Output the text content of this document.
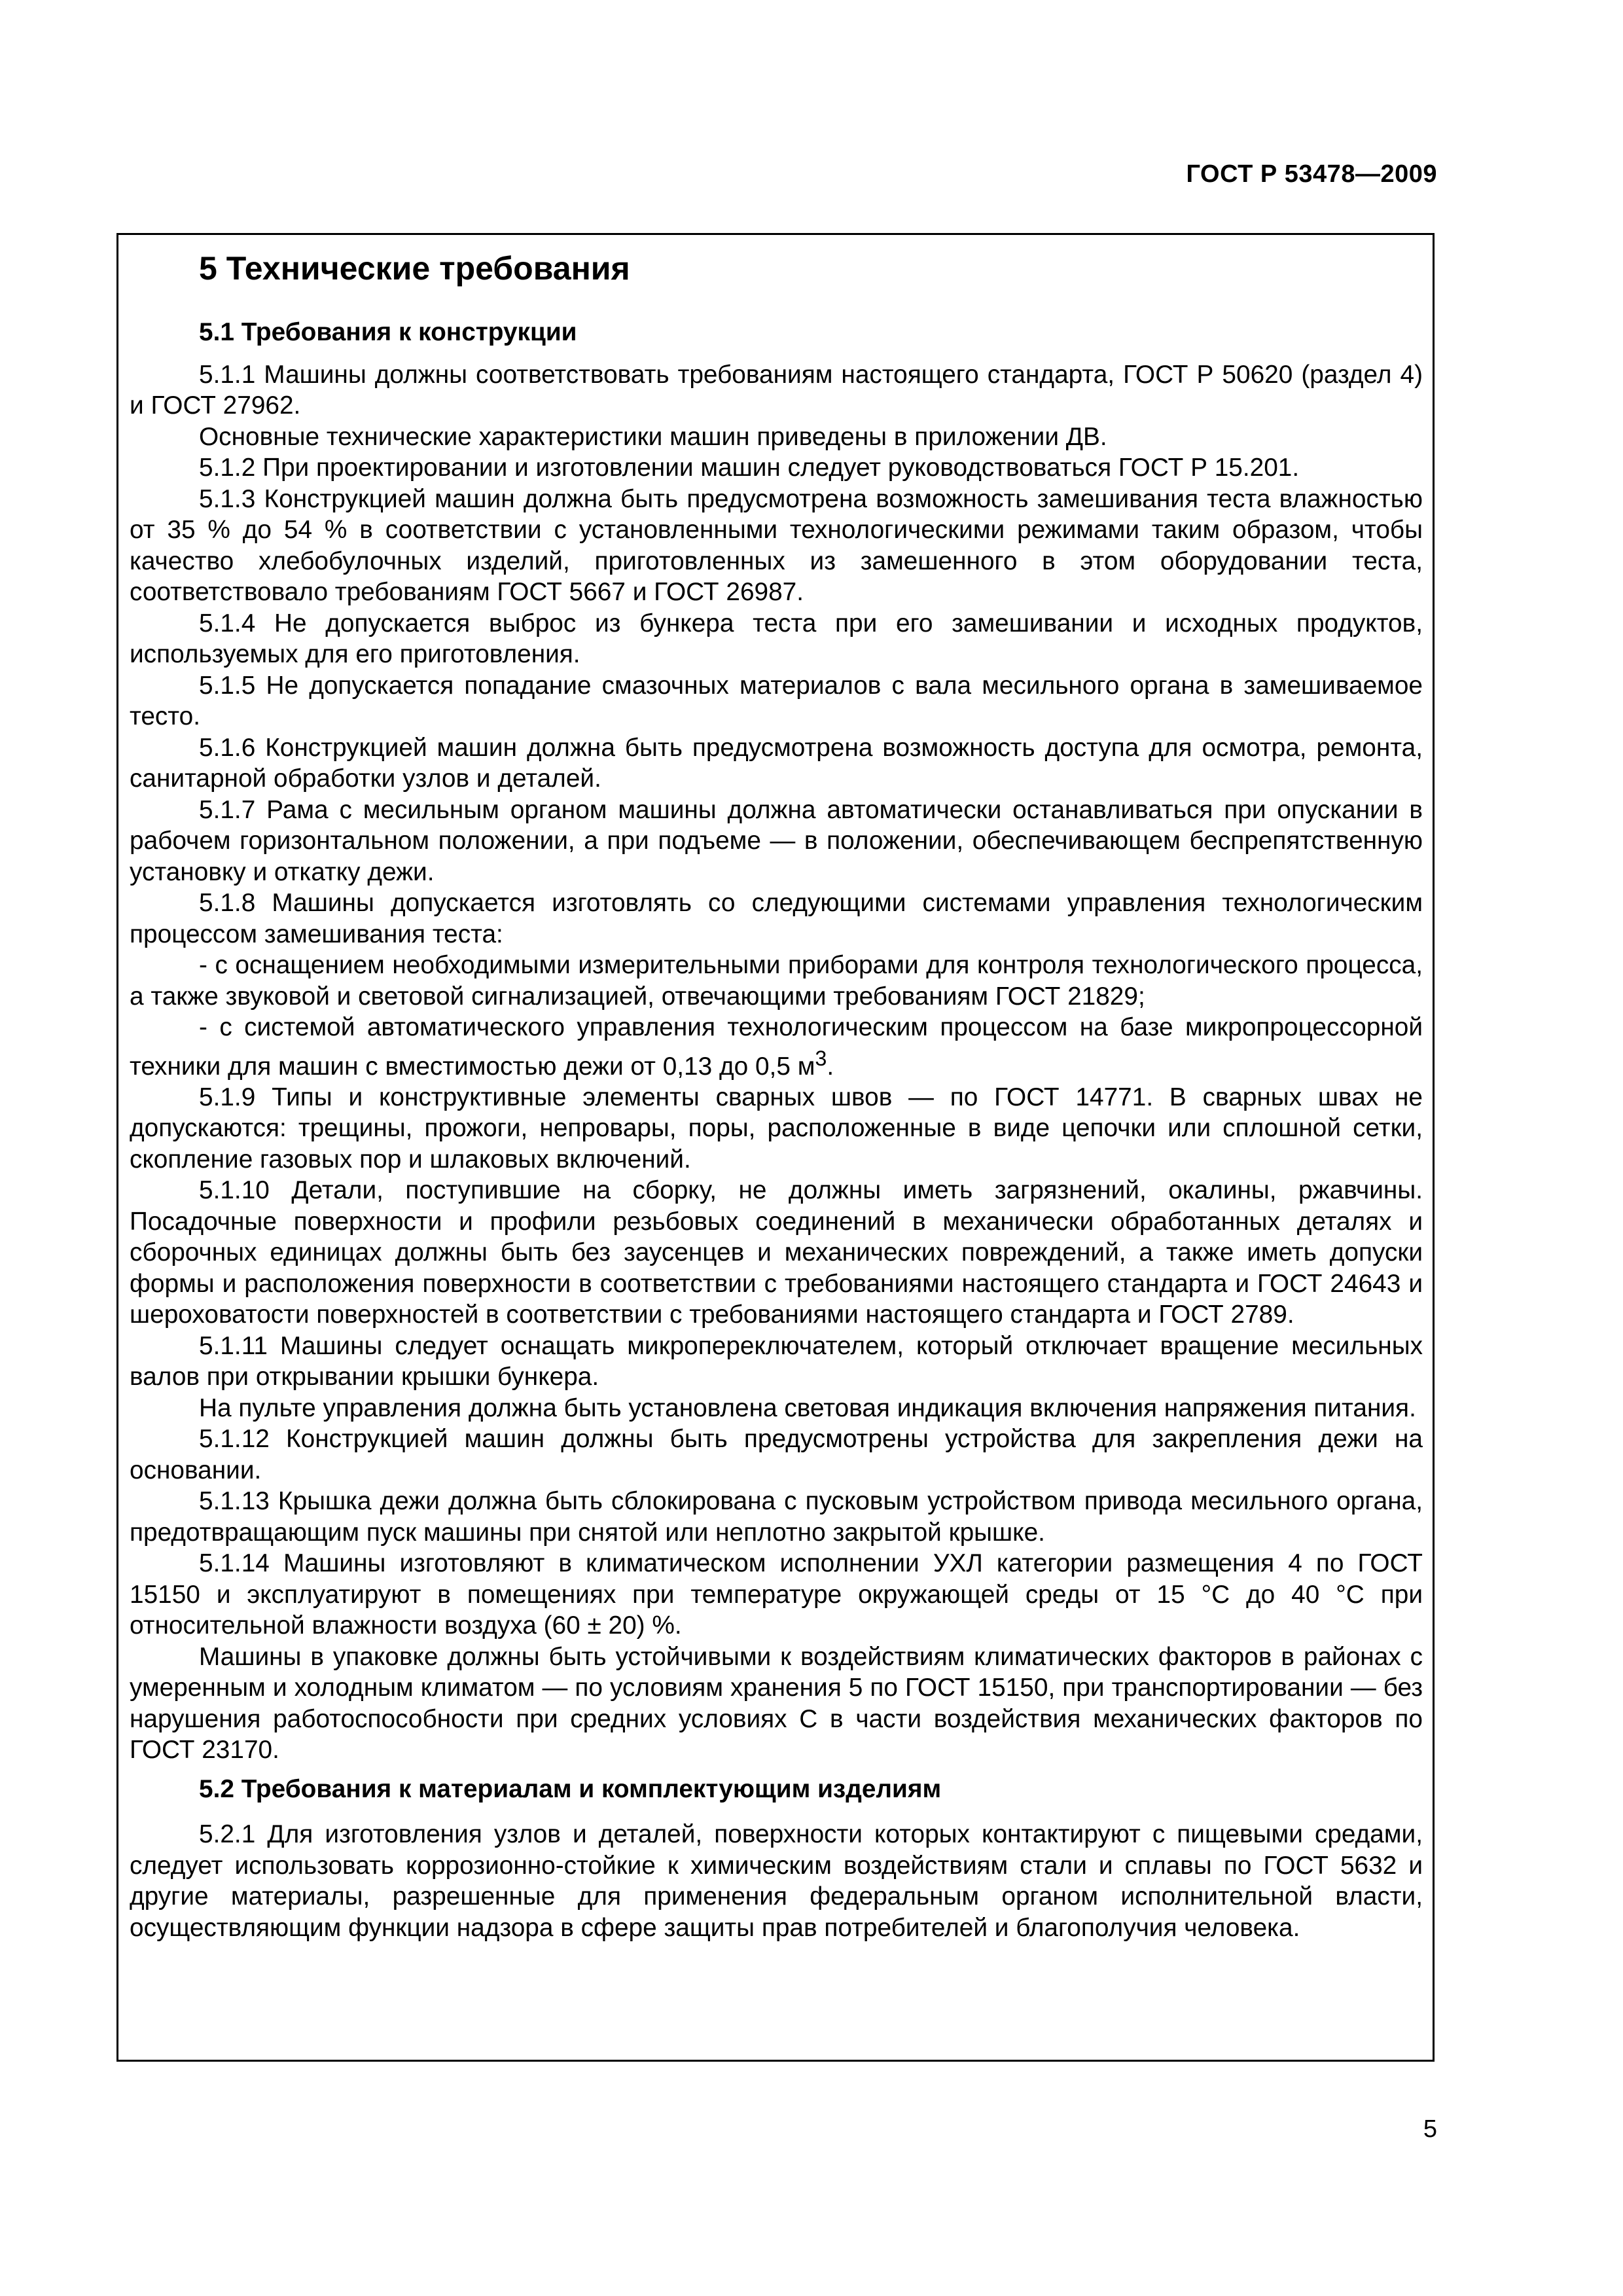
ГОСТ Р 53478—2009
5 Технические требования
5.1 Требования к конструкции

5.1.1 Машины должны соответствовать требованиям настоящего стандарта, ГОСТ Р 50620 (раздел 4) и ГОСТ 27962.

Основные технические характеристики машин приведены в приложении ДВ.

5.1.2 При проектировании и изготовлении машин следует руководствоваться ГОСТ Р 15.201.

5.1.3 Конструкцией машин должна быть предусмотрена возможность замешивания теста влажностью от 35 % до 54 % в соответствии с установленными технологическими режимами таким образом, чтобы качество хлебобулочных изделий, приготовленных из замешенного в этом оборудовании теста, соответствовало требованиям ГОСТ 5667 и ГОСТ 26987.

5.1.4 Не допускается выброс из бункера теста при его замешивании и исходных продуктов, используемых для его приготовления.

5.1.5 Не допускается попадание смазочных материалов с вала месильного органа в замешиваемое тесто.

5.1.6 Конструкцией машин должна быть предусмотрена возможность доступа для осмотра, ремонта, санитарной обработки узлов и деталей.

5.1.7 Рама с месильным органом машины должна автоматически останавливаться при опускании в рабочем горизонтальном положении, а при подъеме — в положении, обеспечивающем беспрепятственную установку и откатку дежи.

5.1.8 Машины допускается изготовлять со следующими системами управления технологическим процессом замешивания теста:

- с оснащением необходимыми измерительными приборами для контроля технологического процесса, а также звуковой и световой сигнализацией, отвечающими требованиям ГОСТ 21829;

- с системой автоматического управления технологическим процессом на базе микропроцессорной техники для машин с вместимостью дежи от 0,13 до 0,5 $м^3$.

5.1.9 Типы и конструктивные элементы сварных швов — по ГОСТ 14771. В сварных швах не допускаются: трещины, прожоги, непровары, поры, расположенные в виде цепочки или сплошной сетки, скопление газовых пор и шлаковых включений.

5.1.10 Детали, поступившие на сборку, не должны иметь загрязнений, окалины, ржавчины. Посадочные поверхности и профили резьбовых соединений в механически обработанных деталях и сборочных единицах должны быть без заусенцев и механических повреждений, а также иметь допуски формы и расположения поверхности в соответствии с требованиями настоящего стандарта и ГОСТ 24643 и шероховатости поверхностей в соответствии с требованиями настоящего стандарта и ГОСТ 2789.

5.1.11 Машины следует оснащать микропереключателем, который отключает вращение месильных валов при открывании крышки бункера.

На пульте управления должна быть установлена световая индикация включения напряжения питания.

5.1.12 Конструкцией машин должны быть предусмотрены устройства для закрепления дежи на основании.

5.1.13 Крышка дежи должна быть сблокирована с пусковым устройством привода месильного органа, предотвращающим пуск машины при снятой или неплотно закрытой крышке.

5.1.14 Машины изготовляют в климатическом исполнении УХЛ категории размещения 4 по ГОСТ 15150 и эксплуатируют в помещениях при температуре окружающей среды от 15 °С до 40 °С при относительной влажности воздуха (60 ± 20) %.

Машины в упаковке должны быть устойчивыми к воздействиям климатических факторов в районах с умеренным и холодным климатом — по условиям хранения 5 по ГОСТ 15150, при транспортировании — без нарушения работоспособности при средних условиях С в части воздействия механических факторов по ГОСТ 23170.

5.2 Требования к материалам и комплектующим изделиям

5.2.1 Для изготовления узлов и деталей, поверхности которых контактируют с пищевыми средами, следует использовать коррозионно-стойкие к химическим воздействиям стали и сплавы по ГОСТ 5632 и другие материалы, разрешенные для применения федеральным органом исполнительной власти, осуществляющим функции надзора в сфере защиты прав потребителей и благополучия человека.

5
